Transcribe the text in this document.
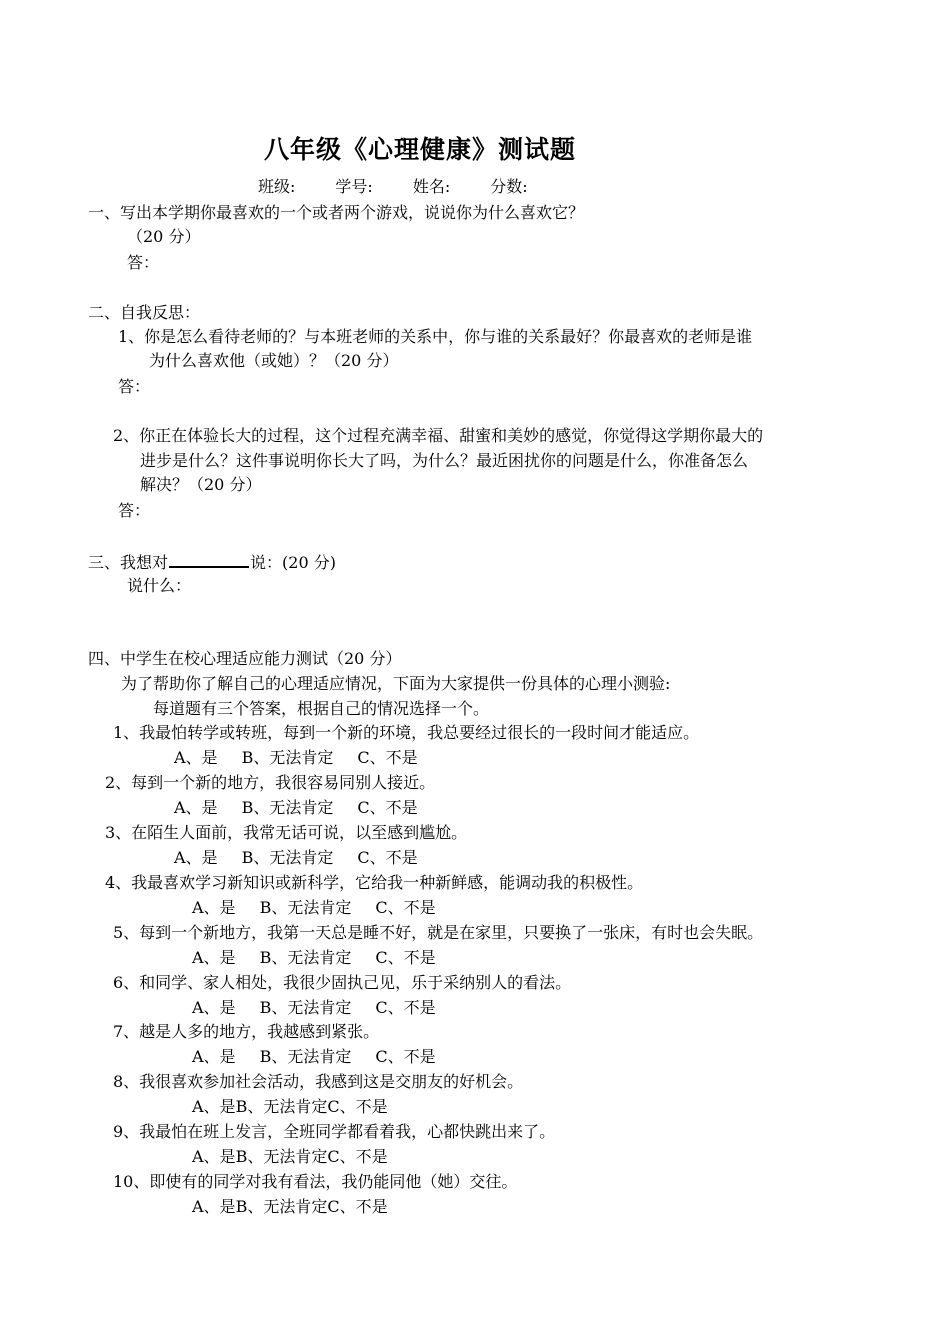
八年级《心理健康》测试题
班级:	学号:	姓名:	分数:
一、写出本学期你最喜欢的一个或者两个游戏，说说你为什么喜欢它？
（20 分）
答：
二、自我反思：
1、你是怎么看待老师的？与本班老师的关系中，你与谁的关系最好？你最喜欢的老师是谁
为什么喜欢他（或她）？（20 分）
答：
2、你正在体验长大的过程，这个过程充满幸福、甜蜜和美妙的感觉，你觉得这学期你最大的
进步是什么？这件事说明你长大了吗，为什么？最近困扰你的问题是什么，你准备怎么
解决？（20 分）
答：
三、我想对	说：(20 分)
说什么：
四、中学生在校心理适应能力测试（20 分）
为了帮助你了解自己的心理适应情况，下面为大家提供一份具体的心理小测验:
每道题有三个答案，根据自己的情况选择一个。
1、我最怕转学或转班，每到一个新的环境，我总要经过很长的一段时间才能适应。
A、是 B、无法肯定 C、不是
2、每到一个新的地方，我很容易同别人接近。
A、是 B、无法肯定 C、不是
3、在陌生人面前，我常无话可说，以至感到尴尬。
A、是 B、无法肯定 C、不是
4、我最喜欢学习新知识或新科学，它给我一种新鲜感，能调动我的积极性。
A、是 B、无法肯定 C、不是
5、每到一个新地方，我第一天总是睡不好，就是在家里，只要换了一张床，有时也会失眠。
A、是 B、无法肯定 C、不是
6、和同学、家人相处，我很少固执己见，乐于采纳别人的看法。
A、是 B、无法肯定 C、不是
7、越是人多的地方，我越感到紧张。
A、是 B、无法肯定 C、不是
8、我很喜欢参加社会活动，我感到这是交朋友的好机会。
A、是B、无法肯定C、不是
9、我最怕在班上发言，全班同学都看着我，心都快跳出来了。
A、是B、无法肯定C、不是
10、即使有的同学对我有看法，我仍能同他（她）交往。
A、是B、无法肯定C、不是
